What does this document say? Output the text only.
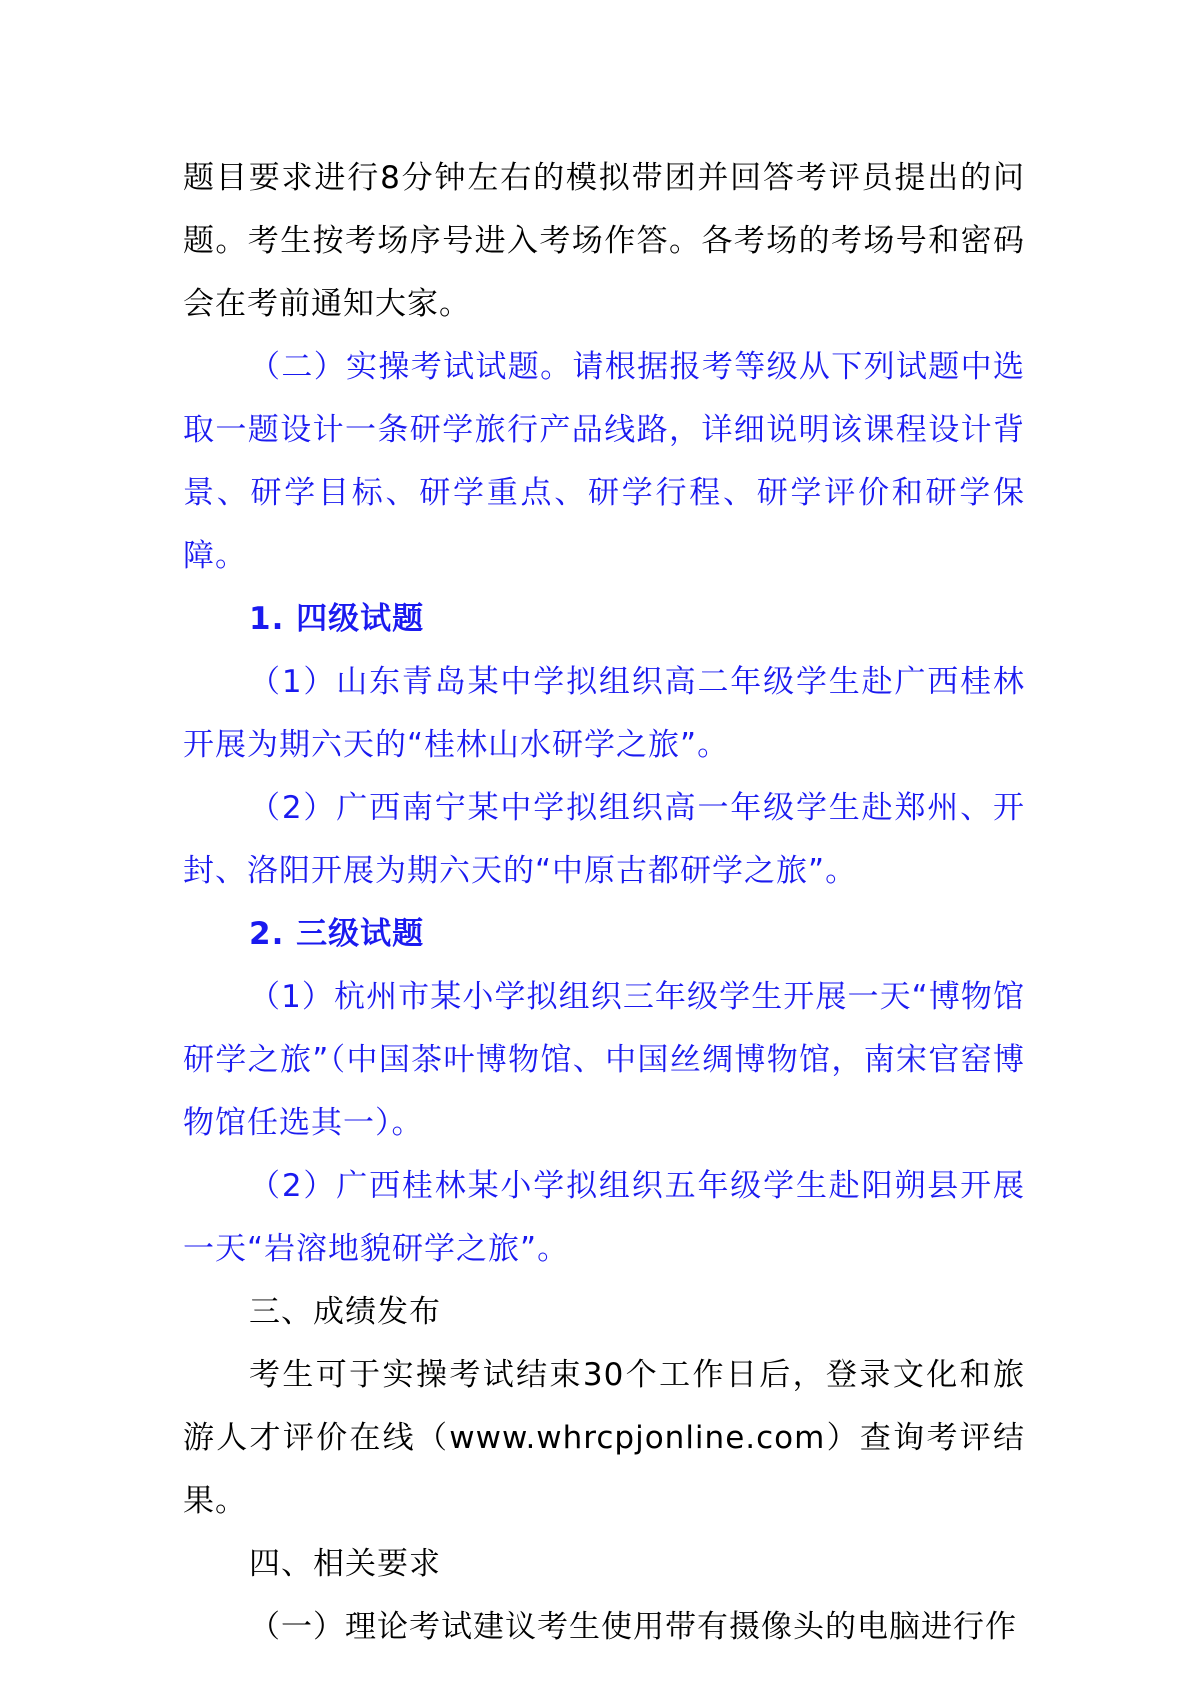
题目要求进行8分钟左右的模拟带团并回答考评员提出的问题。考生按考场序号进入考场作答。各考场的考场号和密码会在考前通知大家。

（二）实操考试试题。请根据报考等级从下列试题中选取一题设计一条研学旅行产品线路，详细说明该课程设计背景、研学目标、研学重点、研学行程、研学评价和研学保障。

1. 四级试题

（1）山东青岛某中学拟组织高二年级学生赴广西桂林开展为期六天的“桂林山水研学之旅”。

（2）广西南宁某中学拟组织高一年级学生赴郑州、开封、洛阳开展为期六天的“中原古都研学之旅”。

2. 三级试题

（1）杭州市某小学拟组织三年级学生开展一天“博物馆研学之旅”（中国茶叶博物馆、中国丝绸博物馆，南宋官窑博物馆任选其一）。

（2）广西桂林某小学拟组织五年级学生赴阳朔县开展一天“岩溶地貌研学之旅”。

三、成绩发布

考生可于实操考试结束30个工作日后，登录文化和旅游人才评价在线（www.whrcpjonline.com）查询考评结果。

四、相关要求

（一）理论考试建议考生使用带有摄像头的电脑进行作
